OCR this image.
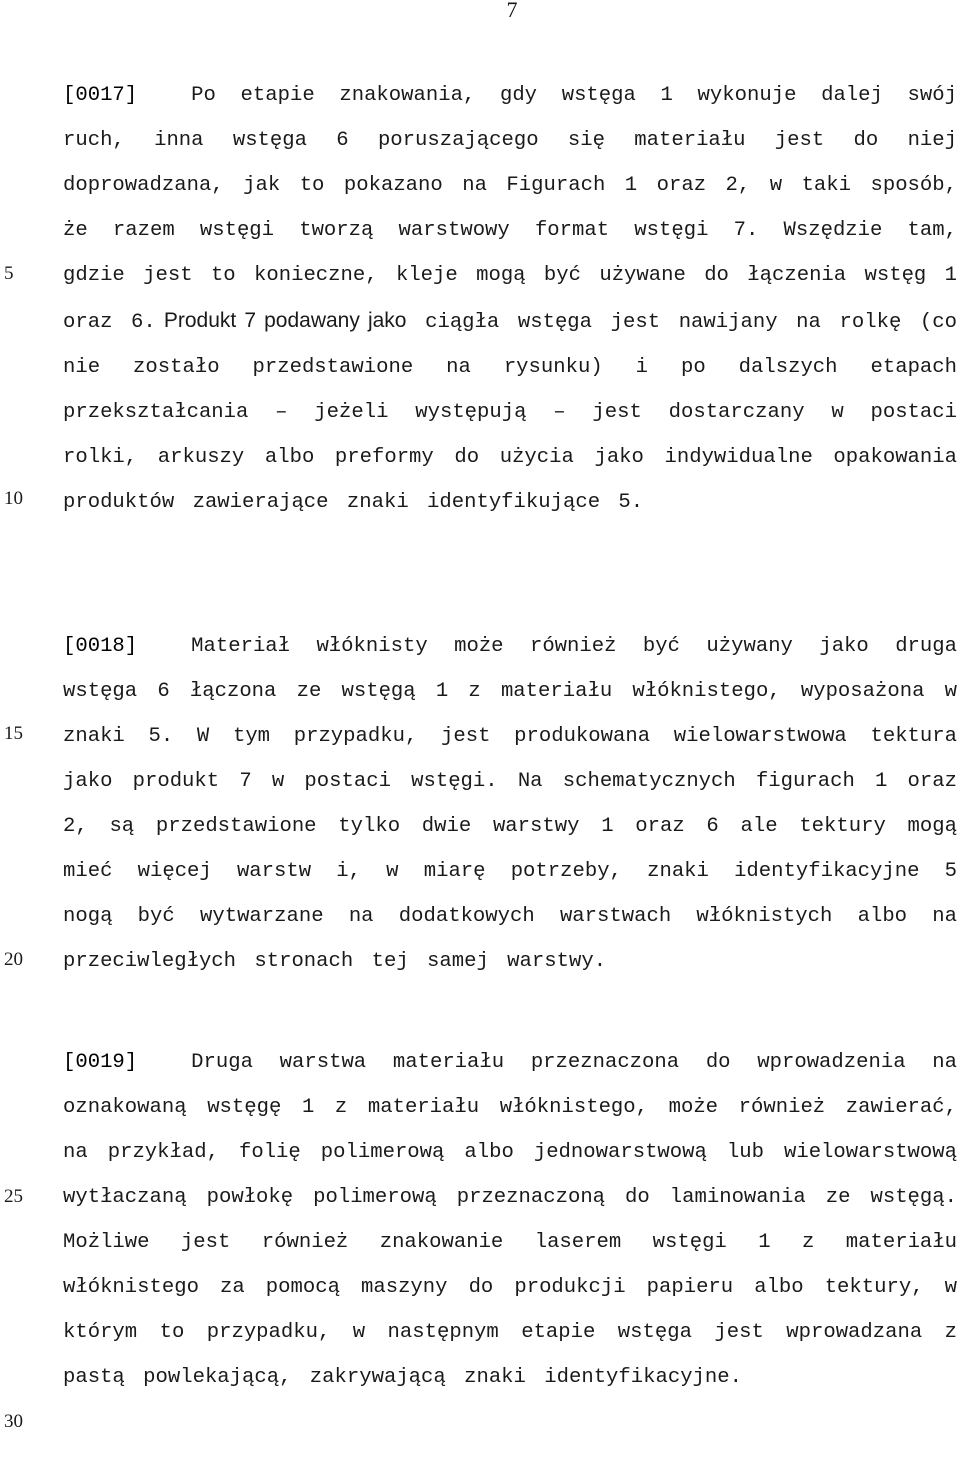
7
5
10
15
20
25
30

[0017]	Po etapie znakowania, gdy wstęga 1 wykonuje dalej swój ruch, inna wstęga 6 poruszającego się materiału jest do niej doprowadzana, jak to pokazano na Figurach 1 oraz 2, w taki sposób, że razem wstęgi tworzą warstwowy format wstęgi 7. Wszędzie tam, gdzie jest to konieczne, kleje mogą być używane do łączenia wstęg 1 oraz 6. Produkt 7 podawany jako ciągła wstęga jest nawijany na rolkę (co nie zostało przedstawione na rysunku) i po dalszych etapach przekształcania – jeżeli występują – jest dostarczany w postaci rolki, arkuszy albo preformy do użycia jako indywidualne opakowania produktów zawierające znaki identyfikujące 5.

[0018]	Materiał włóknisty może również być używany jako druga wstęga 6 łączona ze wstęgą 1 z materiału włóknistego, wyposażona w znaki 5. W tym przypadku, jest produkowana wielowarstwowa tektura jako produkt 7 w postaci wstęgi. Na schematycznych figurach 1 oraz 2, są przedstawione tylko dwie warstwy 1 oraz 6 ale tektury mogą mieć więcej warstw i, w miarę potrzeby, znaki identyfikacyjne 5 nogą być wytwarzane na dodatkowych warstwach włóknistych albo na przeciwległych stronach tej samej warstwy.

[0019]	Druga warstwa materiału przeznaczona do wprowadzenia na oznakowaną wstęgę 1 z materiału włóknistego, może również zawierać, na przykład, folię polimerową albo jednowarstwową lub wielowarstwową wytłaczaną powłokę polimerową przeznaczoną do laminowania ze wstęgą. Możliwe jest również znakowanie laserem wstęgi 1 z materiału włóknistego za pomocą maszyny do produkcji papieru albo tektury, w którym to przypadku, w następnym etapie wstęga jest wprowadzana z pastą powlekającą, zakrywającą znaki identyfikacyjne.
